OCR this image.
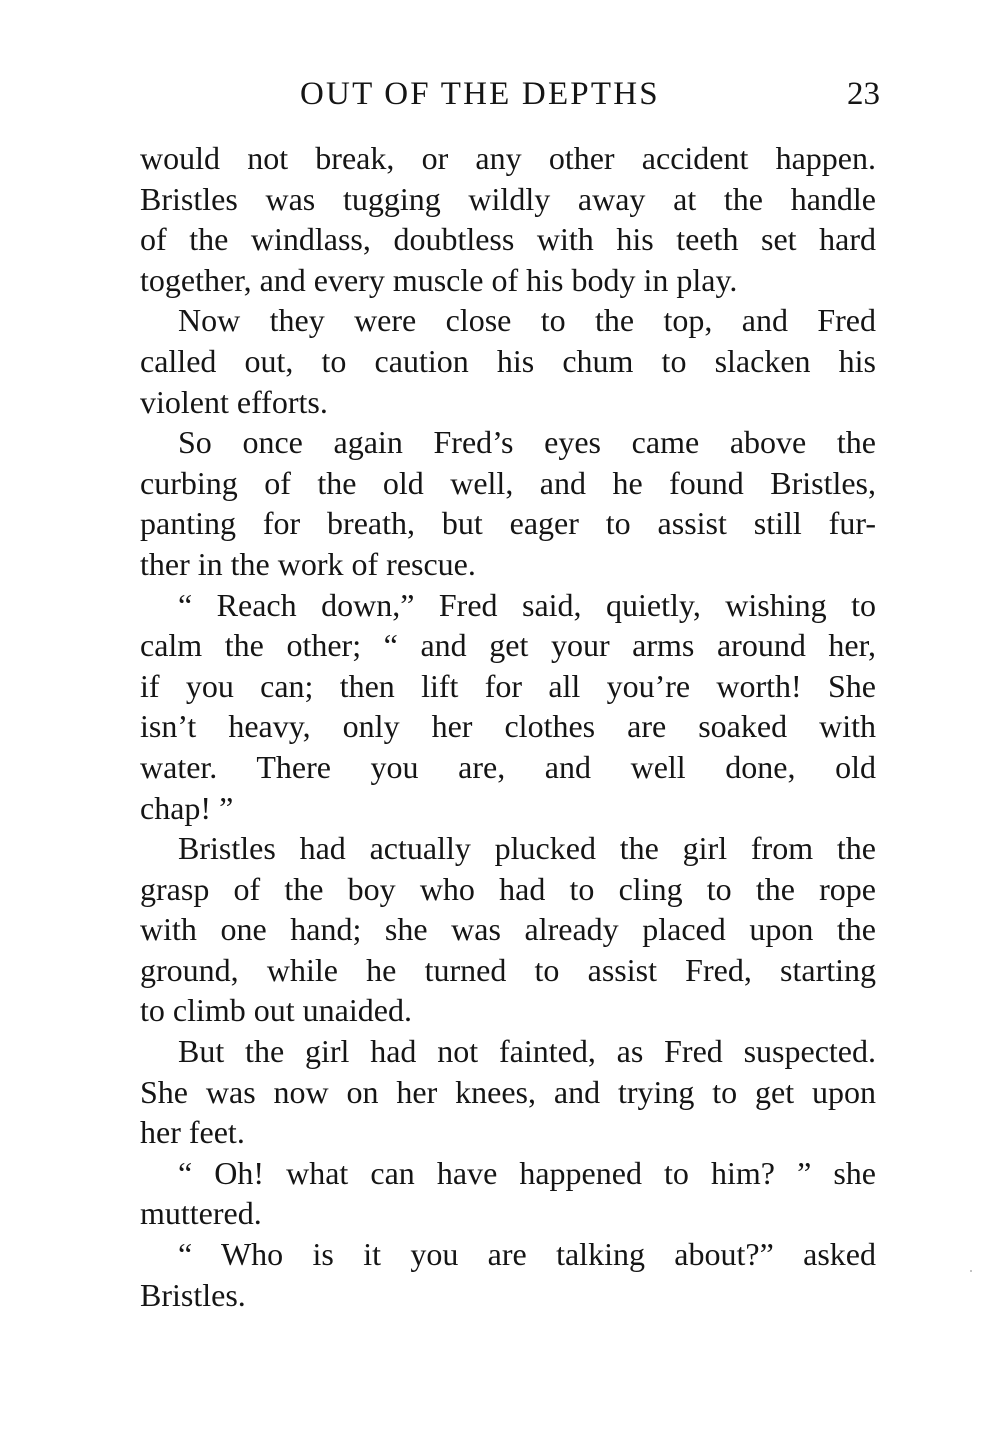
OUT OF THE DEPTHS	23
would not break, or any other accident happen.
Bristles was tugging wildly away at the handle
of the windlass, doubtless with his teeth set hard
together, and every muscle of his body in play.
Now they were close to the top, and Fred
called out, to caution his chum to slacken his
violent efforts.
So once again Fred’s eyes came above the
curbing of the old well, and he found Bristles,
panting for breath, but eager to assist still fur-
ther in the work of rescue.
“ Reach down,” Fred said, quietly, wishing to
calm the other; “ and get your arms around her,
if you can; then lift for all you’re worth! She
isn’t heavy, only her clothes are soaked with
water. There you are, and well done, old
chap! ”
Bristles had actually plucked the girl from the
grasp of the boy who had to cling to the rope
with one hand; she was already placed upon the
ground, while he turned to assist Fred, starting
to climb out unaided.
But the girl had not fainted, as Fred suspected.
She was now on her knees, and trying to get upon
her feet.
“ Oh! what can have happened to him? ” she
muttered.
“ Who is it you are talking about?” asked
Bristles.
